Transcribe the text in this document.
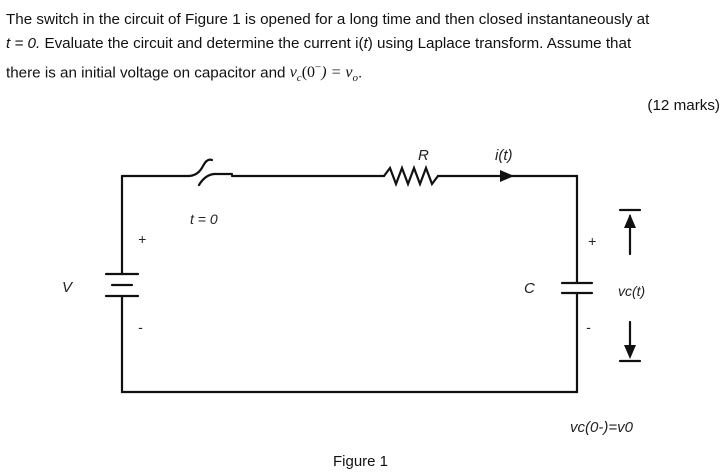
The switch in the circuit of Figure 1 is opened for a long time and then closed instantaneously at

t = 0. Evaluate the circuit and determine the current i(t) using Laplace transform. Assume that

there is an initial voltage on capacitor and $v_c(0^-) = v_o$.

(12 marks)
R	i(t)
t = 0
+
V
-
+
C
-
vc(t)
vc(0-)=v0
Figure 1
